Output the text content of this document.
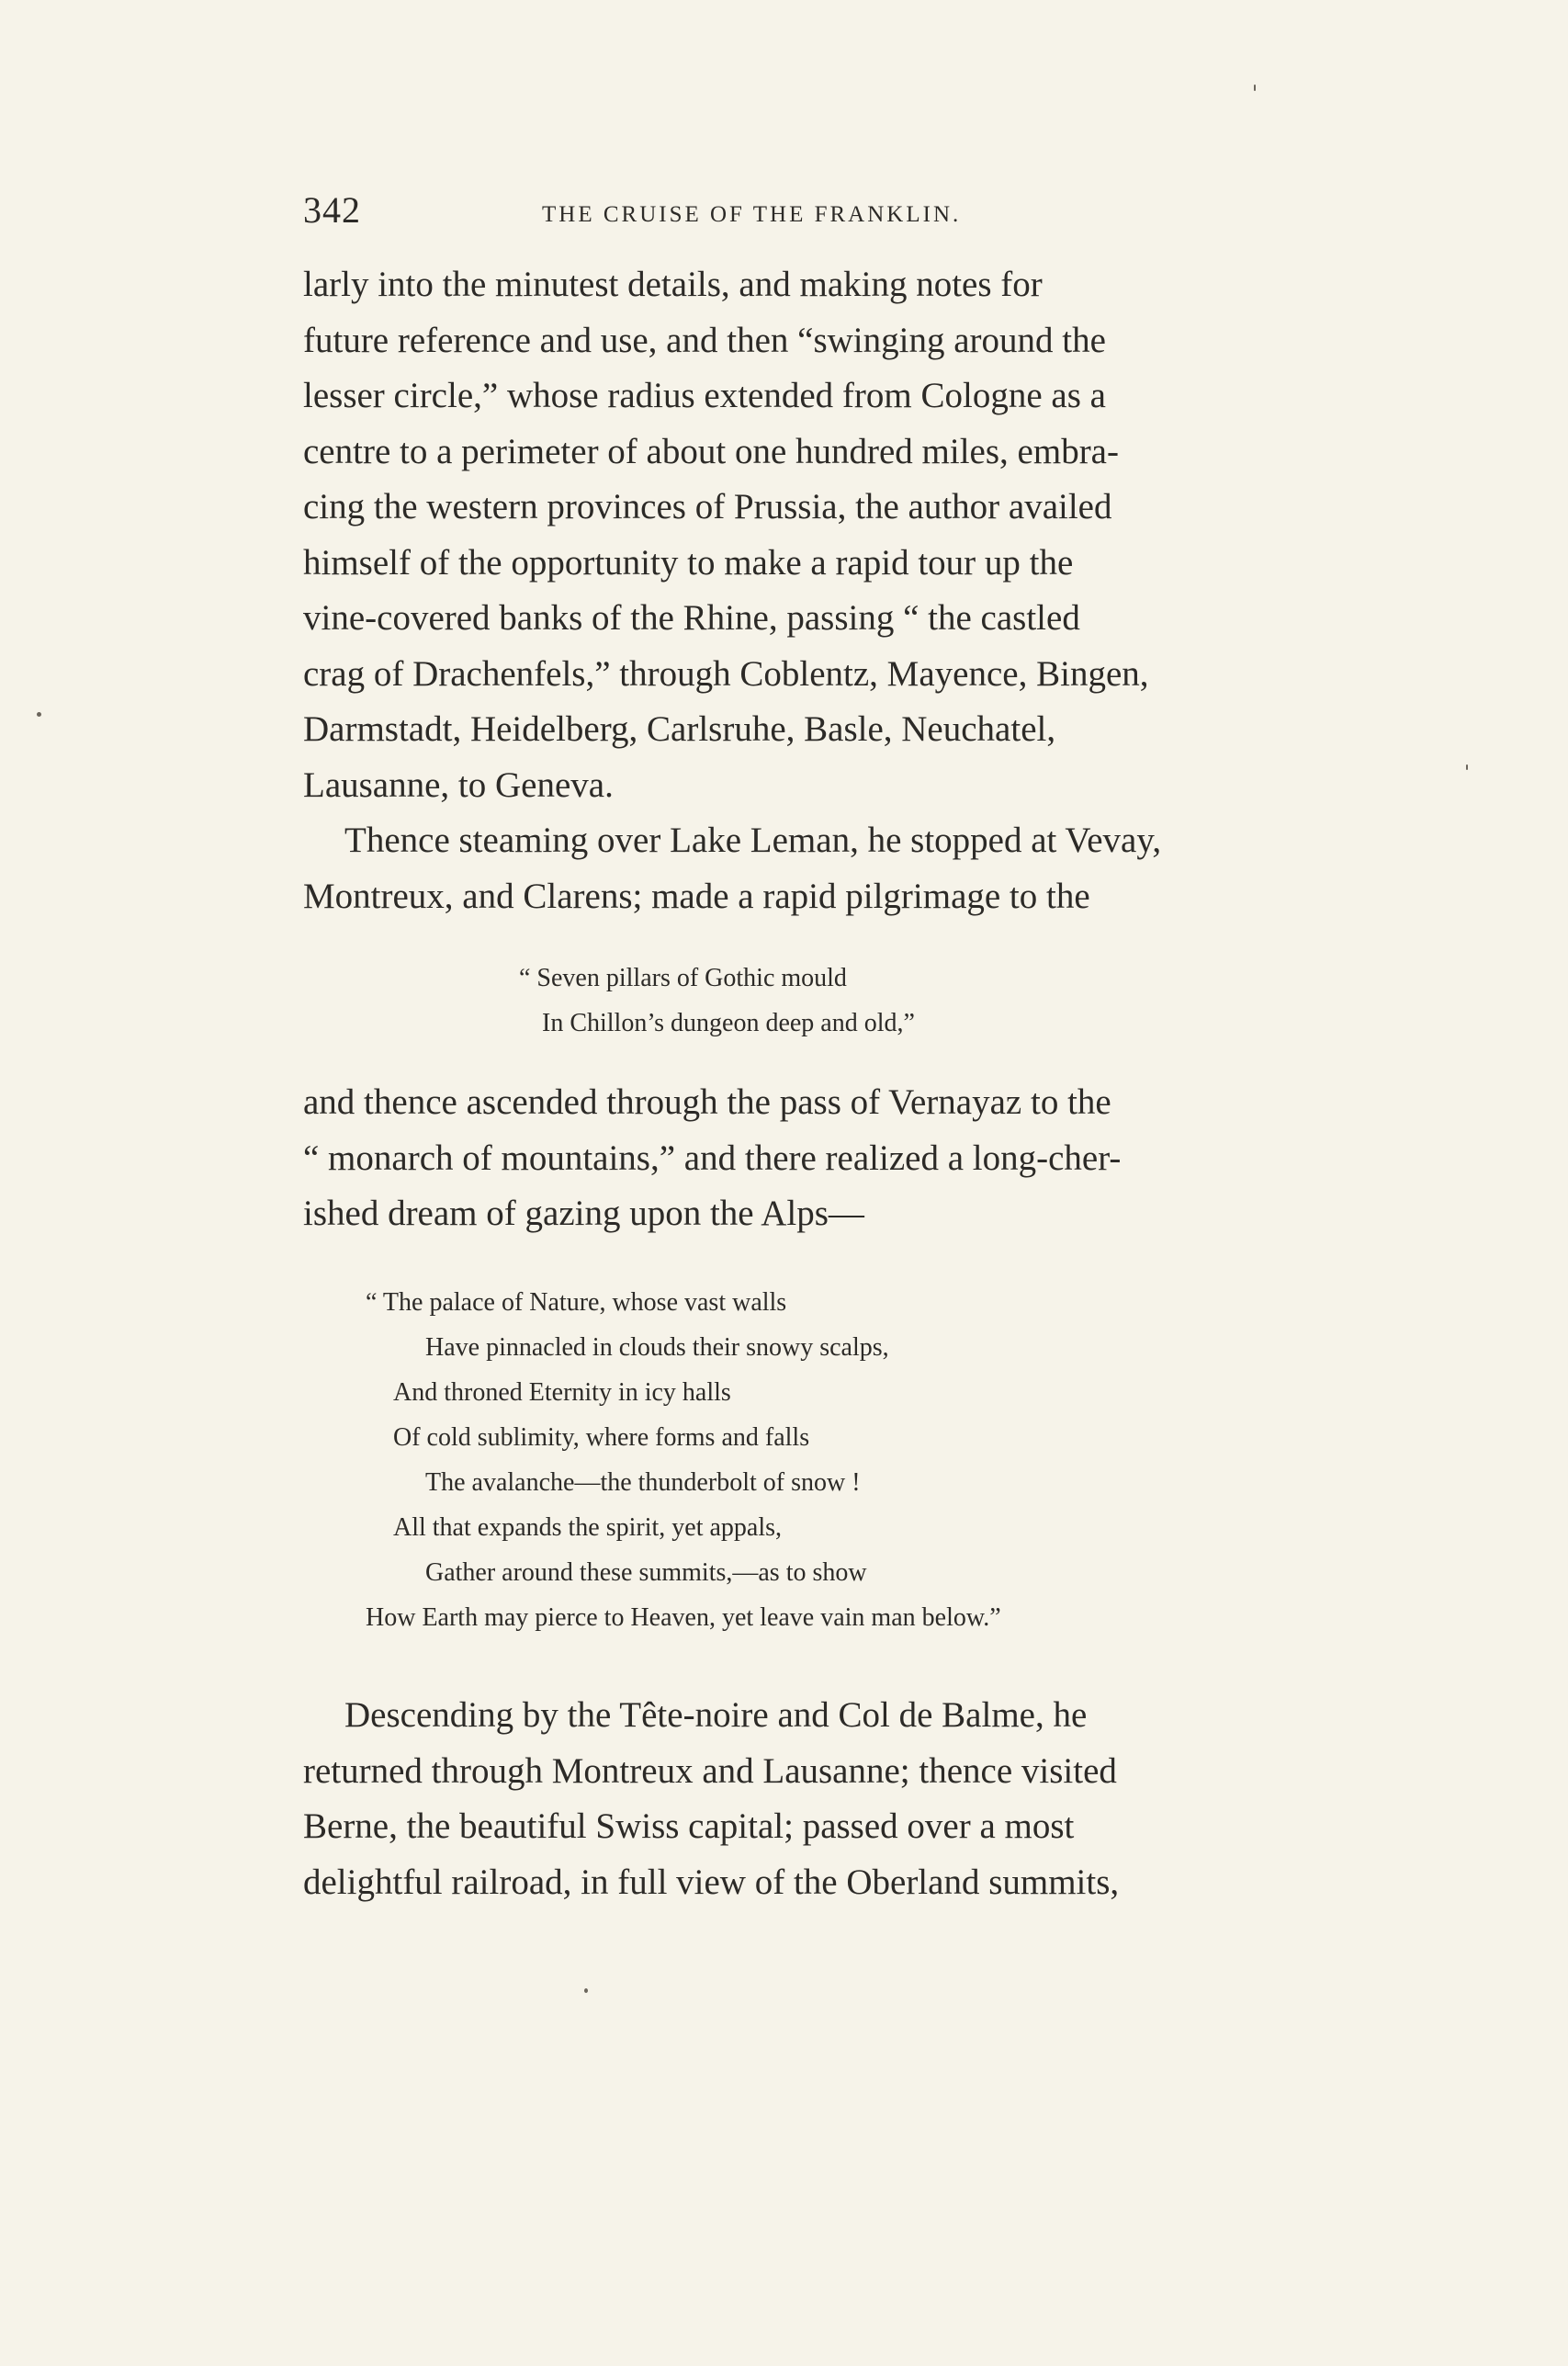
342	THE CRUISE OF THE FRANKLIN.

larly into the minutest details, and making notes for
future reference and use, and then “swinging around the
lesser circle,” whose radius extended from Cologne as a
centre to a perimeter of about one hundred miles, embra-
cing the western provinces of Prussia, the author availed
himself of the opportunity to make a rapid tour up the
vine-covered banks of the Rhine, passing “ the castled
crag of Drachenfels,” through Coblentz, Mayence, Bingen,
Darmstadt, Heidelberg, Carlsruhe, Basle, Neuchatel,
Lausanne, to Geneva.
Thence steaming over Lake Leman, he stopped at Vevay,
Montreux, and Clarens; made a rapid pilgrimage to the

“ Seven pillars of Gothic mould
In Chillon’s dungeon deep and old,”

and thence ascended through the pass of Vernayaz to the
“ monarch of mountains,” and there realized a long-cher-
ished dream of gazing upon the Alps—

“ The palace of Nature, whose vast walls
Have pinnacled in clouds their snowy scalps,
And throned Eternity in icy halls
Of cold sublimity, where forms and falls
The avalanche—the thunderbolt of snow !
All that expands the spirit, yet appals,
Gather around these summits,—as to show
How Earth may pierce to Heaven, yet leave vain man below.”

Descending by the Tête-noire and Col de Balme, he
returned through Montreux and Lausanne; thence visited
Berne, the beautiful Swiss capital; passed over a most
delightful railroad, in full view of the Oberland summits,
